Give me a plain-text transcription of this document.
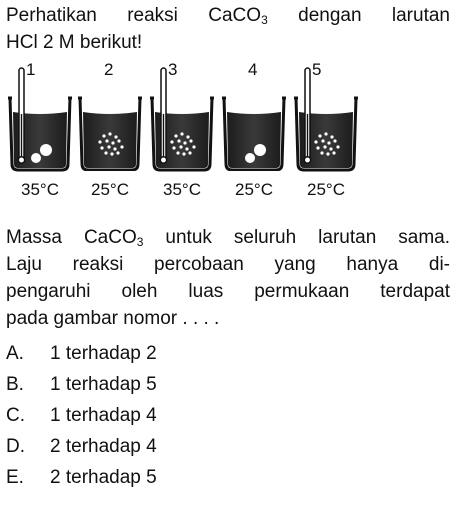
Perhatikan reaksi CaCO$_3$ dengan larutan
HCl 2 M berikut!
1
35°C
2
25°C
3
35°C
4
25°C
5
25°C
Massa CaCO$_3$ untuk seluruh larutan sama.
Laju reaksi percobaan yang hanya di-
pengaruhi oleh luas permukaan terdapat
pada gambar nomor . . . .
A.	1 terhadap 2
B.	1 terhadap 5
C.	1 terhadap 4
D.	2 terhadap 4
E.	2 terhadap 5
